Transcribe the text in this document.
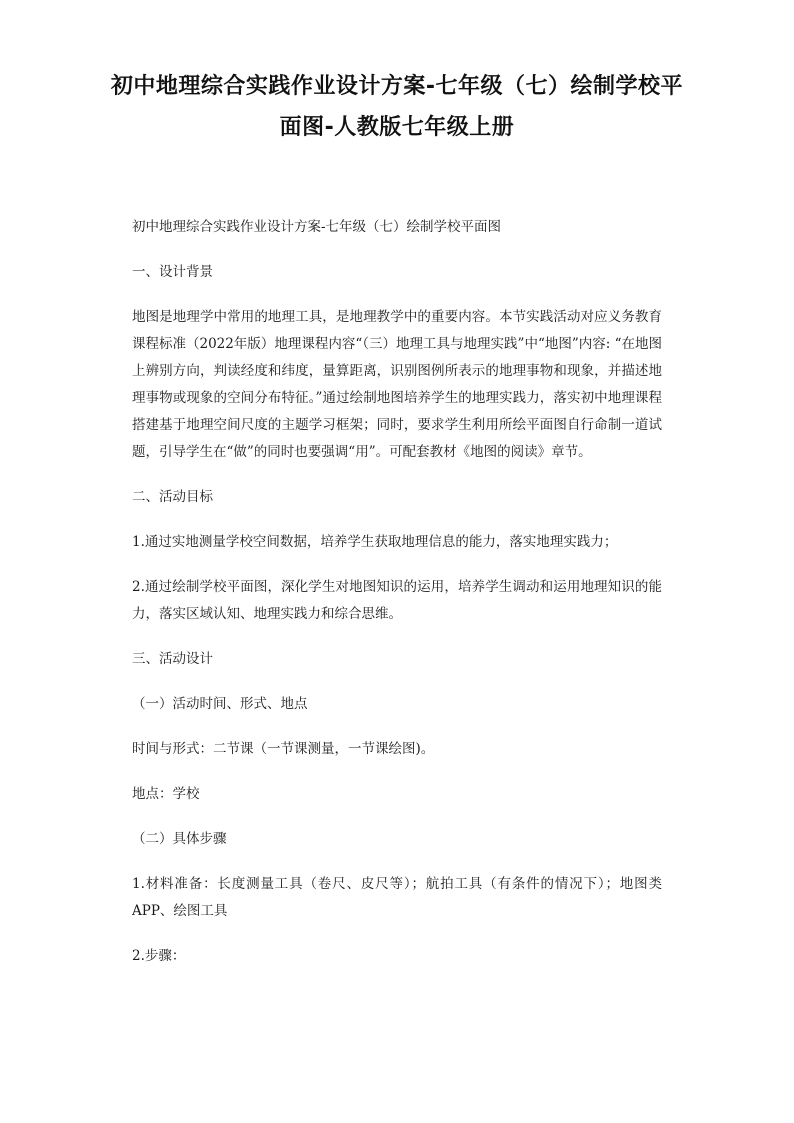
初中地理综合实践作业设计方案-七年级（七）绘制学校平面图-人教版七年级上册

初中地理综合实践作业设计方案-七年级（七）绘制学校平面图

一、设计背景

地图是地理学中常用的地理工具，是地理教学中的重要内容。本节实践活动对应义务教育课程标准（2022年版）地理课程内容“（三）地理工具与地理实践”中“地图”内容: “在地图上辨别方向，判读经度和纬度，量算距离，识别图例所表示的地理事物和现象，并描述地理事物或现象的空间分布特征。”通过绘制地图培养学生的地理实践力，落实初中地理课程搭建基于地理空间尺度的主题学习框架；同时，要求学生利用所绘平面图自行命制一道试题，引导学生在“做”的同时也要强调“用”。可配套教材《地图的阅读》章节。

二、活动目标

1.通过实地测量学校空间数据，培养学生获取地理信息的能力，落实地理实践力；

2.通过绘制学校平面图，深化学生对地图知识的运用，培养学生调动和运用地理知识的能力，落实区域认知、地理实践力和综合思维。

三、活动设计

（一）活动时间、形式、地点

时间与形式：二节课（一节课测量，一节课绘图)。

地点：学校

（二）具体步骤

1.材料准备：长度测量工具（卷尺、皮尺等）；航拍工具（有条件的情况下）；地图类APP、绘图工具

2.步骤：
